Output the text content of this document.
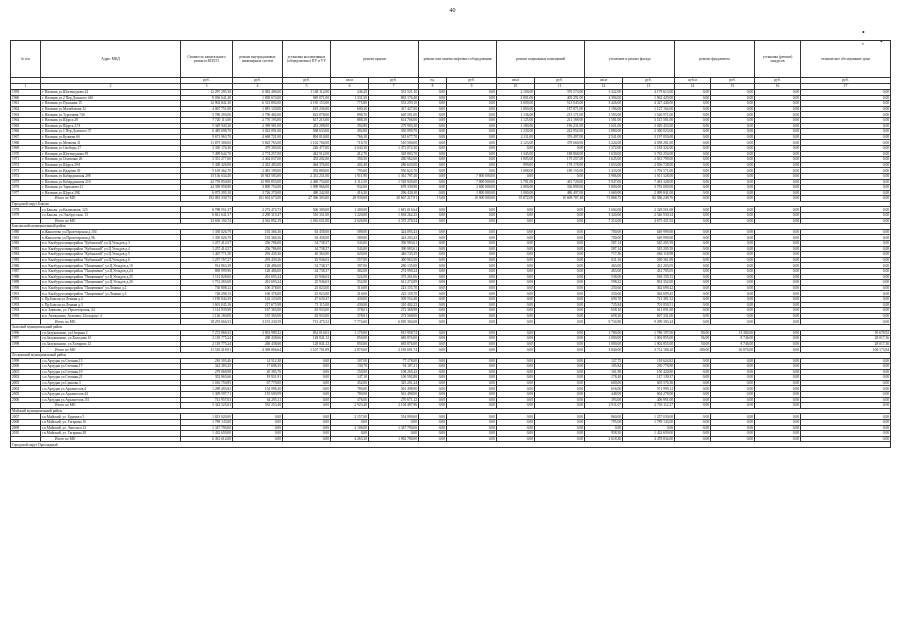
40
• ,•
№ п/п	Адрес МКД	Стоимость капитального ремонта ВСЕГО	ремонт внутридомовых инженерных систем	установка коллективных (общедомовых) ПУ и УУ	ремонт крыши		ремонт или замена лифтового оборудования		ремонт подвальных помещений		утепление и ремонт фасада		ремонт фундамента		установка (ремонт) пандусов	техническое обследование дома
		руб.	руб.	руб.	кв.м	руб.	ед.	руб.	кв.м	руб.	кв.м	руб.	куб.м	руб.	руб.	руб.
1	2	3	4	5	6	7	8	9	10	11	12	13	14	15	16	17
1959	г. Нальчик ул.Шогенцукова 24	12 297 295,30	6 083 406,00	1 148 112,00	246,20	531 521,10	0,00	0,00	2 100,00	376 573,00	3 322,00	4 179 613,00	0,00	0,00	0,00	0,00
1960	г. Нальчик ул.2 Пер.Донского 44б	8 036 641,40	1 838 674,00	949 071,00	1 331,30	863 176,40	0,00	0,00	2 001,00	405 291,00	2 394,00	1 962 429,00	0,00	0,00	0,00	0,00
1961	г. Нальчик ул.Пушкина 15	12 902 841,30	6 313 894,00	2 195 153,00	775,80	553 259,10	0,00	0,00	3 000,00	513 045,00	3 426,00	4 327 440,00	0,00	0,00	0,00	0,00
1962	г. Нальчик ул.Мальбахова 12	4 067 751,00	1 881 120,00	619 236,00	600,20	417 427,00	0,00	0,00	1 000,00	187 871,00	1 196,00	1 127 164,00	0,00	0,00	0,00	0,00
1963	г. Нальчик ул.Тургенева 74б	5 780 293,00	2 796 482,00	623 078,00	896,70	620 591,00	0,00	0,00	1 136,00	213 171,00	1 593,00	1 526 971,00	0,00	0,00	0,00	0,00
1964	г. Нальчик ул.Щорса 28	7 720 113,00	2 770 193,00	617 215,00	888,30	614 766,00	0,00	0,00	1 125,00	211 169,00	1 581,00	3 515 581,00	0,00	0,00	0,00	0,00
1965	г. Нальчик ул.Щорса 27А	5 349 943,30	2 399 981,00	453 298,00	392,80	279 903,30	0,00	0,00	1 180,00	196 231,00	1 621,00	2 020 453,00	0,00	0,00	0,00	0,00
1966	г. Нальчик ул.1 Пер.Донского 37	6 485 698,70	3 023 091,00	568 633,00	492,80	350 999,70	0,00	0,00	1 230,00	222 952,00	1 880,00	2 360 023,00	0,00	0,00	0,00	0,00
1967	г. Нальчик ул.Кулиева 6б	9 671 963,70	4 668 721,00	894 010,00	766,10	545 677,70	0,00	0,00	2 111,00	376 497,00	2 541,00	3 197 050,00	0,00	0,00	0,00	0,00
1968	г. Нальчик ул.Мечиева 31	11 875 306,00	5 825 763,00	1 102 704,00	716,70	510 500,00	0,00	0,00	2 123,00	378 660,00	3 224,00	4 058 281,00	0,00	0,00	0,00	0,00
1969	г. Нальчик ул.Свободы 17	3 350 176,30	479 305,00	226 477,00	2 043,30	1 471 072,30	0,00	0,00	0,00	0,00	1 372,00	1 183 322,00	0,00	0,00	0,00	0,00
1970	г. Нальчик ул.Шогенцукова 39	7 499 642,70	2 774 257,00	442 512,00	412,70	328 803,70	0,00	0,00	1 345,00	188 868,00	1 639,00	3 765 254,00	0,00	0,00	0,00	0,00
1971	г. Нальчик ул.Осипенко 26	3 351 277,60	2 404 037,00	455 202,00	394,50	280 962,60	0,00	0,00	1 005,00	179 257,00	1 625,00	2 031 799,00	0,00	0,00	0,00	0,00
1972	г. Нальчик ул.Щорса 29А	5 438 420,00	2 452 483,00	464 376,00	402,40	286 643,00	0,00	0,00	999,00	178 178,00	1 653,00	2 056 728,00	0,00	0,00	0,00	0,00
1973	г. Нальчик ул.Идарова 39	5 165 362,70	2 481 199,00	392 890,00	795,60	550 623,70	0,00	0,00	1 008,00	189 155,00	1 433,00	1 792 571,00	0,00	0,00	0,00	0,00
1974	г. Нальчик ул.Кабардинская 208	15 136 634,40	10 945 583,00	2 431 231,00	1 911,90	1 361 797,40	0,00	7 800 000,00	0,00	0,00	3 986,00	1 011 328,00	0,00	0,00	0,00	0,00
1975	г. Нальчик ул.Кабардинская 210	22 759 850,00	12 993 853,00	2 460 754,00	2 112,50	1 518 945,00	0,00	7 800 000,00	3 781,00	461 720,00	5 947,00	7 481 328,00	0,00	0,00	0,00	0,00
1976	г. Нальчик ул.Тарчокова 21	24 358 958,90	3 809 754,00	1 098 966,00	932,00	678 339,90	0,00	2 600 000,00	2 000,00	336 899,00	3 000,00	3 781 000,00	0,00	0,00	0,00	0,00
1977	г. Нальчик ул.Щорса 29Б	6 073 295,10	3 726 270,00	480 242,00	416,20	296 430,10	0,00	1 800 000,00	1 000,00	486 497,00	1 669,00	2 099 841,00	0,00	0,00	0,00	0,00
	Итого по МО	192 081 330,75	101 602 673,00	27 366 303,00	29 939,60	20 667 217,91	15,00	10 000 000,00	35 872,00	10 608 787,48	73 868,75	82 586 249,76	0,00	0,00	0,00	0,00
Городской округ Баксан																
1978	г.о.Баксан, ул.Калмыкова, 123	6 788 551,37	2 272 472,73	506 300,00	1 400,00	1 681 016,64	0,00	0,00	0,00	0,00	3 604,00	2 328 561,68	0,00	0,00	0,00	0,00
1979	г.о.Баксан, ул.Эльбрусская, 13	6 841 641,37	2 290 319,47	510 331,00	1 220,00	1 694 262,25	0,00	0,00	0,00	0,00	3 320,00	2 346 930,34	0,00	0,00	0,00	0,00
	Итого по МО	13 630 192,74	4 562 892,19	1 016 631,00	2 620,00	3 375 278,34	0,00	0,00	0,00	0,00	7 214,00	4 675 431,92	0,00	0,00	0,00	0,00
Баксанский муниципальный район																
1980	в.Жанхотеко ул.Пролетарская д.104	1 350 026,79	192 366,36	63 458,00	589,00	424 093,43	0,00	0,00	0,00	0,00	700,00	649 999,00	0,00	0,00	0,00	0,00
1981	в.Жанхотеко ул.Пролетарская д.96	1 350 026,79	192 366,36	63 458,00	589,00	424 203,43	0,00	0,00	0,00	0,00	700,00	649 999,00	0,00	0,00	0,00	0,00
1982	в.п. Кызбурун микрорайон "Кубанский" ул.Ц.Уельдов д.3	1 257 414,57	256 786,00	34 738,37	543,00	390 983,61	0,00	0,00	0,00	0,00	587,14	545 205,59	0,00	0,00	0,00	0,00
1983	в.п. Кызбурун микрорайон "Кубанский" ул.Ц.Уельдов д.4	1 257 414,57	256 786,00	34 738,37	543,00	390 983,61	0,00	0,00	0,00	0,00	587,14	545 205,59	0,00	0,00	0,00	0,00
1984	в.п. Кызбурун микрорайон "Кубанский" ул.Ц.Уельдов д.5	1 467 771,50	293 439,26	40 363,00	620,00	446 743,35	0,00	0,00	0,00	0,00	717,36	666 118,98	0,00	0,00	0,00	0,00
1985	в.п. Кызбурун микрорайон "Кубанский" ул.Ц.Уельдов д.6	1 257 767,27	293 439,26	25 946,63	557,00	400 963,50	0,00	0,00	0,00	0,00	631,16	569 361,89	0,00	0,00	0,00	0,00
1986	в.п. Кызбурун микрорайон "Пищевиков" ул.Ц.Уельдов д.10	914 863,39	128 486,00	34 738,37	397,00	286 135,00	0,00	0,00	0,00	0,00	463,00	431 203,05	0,00	0,00	0,00	0,00
1987	в.п. Кызбурун микрорайон "Пищевиков" ул.Ц.Уельдов д.24	869 999,96	128 486,00	34 738,37	382,00	274 990,24	0,00	0,00	0,00	0,00	463,00	431 785,05	0,00	0,00	0,00	0,00
1988	в.п. Кызбурун микрорайон "Пищевиков" ул.Ц.Уельдов д.25	1 114 828,60	261 693,24	25 946,63	522,00	375 261,66	0,00	0,00	0,00	0,00	538,00	536 159,15	0,00	0,00	0,00	0,00
1989	в.п. Кызбурун микрорайон "Пищевиков" ул.Ц.Уельдов д.26	1 731 265,69	261 693,24	25 946,63	552,00	611 274,89	0,00	0,00	0,00	0,00	598,22	832 352,00	0,00	0,00	0,00	0,00
1990	в.п. Кызбурун микрорайон "Пищевиков" ул.Ленина д.2	730 808,12	106 378,00	25 823,00	310,00	223 155,70	0,00	0,00	0,00	0,00	250,60	362 699,42	0,00	0,00	0,00	0,00
1991	в.п. Кызбурун микрорайон "Пищевиков" ул.Ленина д.3	728 298,15	106 378,00	25 823,00	310,00	223 159,70	0,00	0,00	0,00	0,00	250,60	362 699,45	0,00	0,00	0,00	0,00
1992	г. Пр.Баксан ул.Ленина д.2	1 190 044,39	162 123,00	47 630,47	430,00	309 554,40	0,00	0,00	0,00	0,00	690,70	721 381,52	0,00	0,00	0,00	0,00
1993	г. Пр.Баксан ул.Ленина д.3	1 601 045,16	217 675,98	71 115,00	430,00	310 402,23	0,00	0,00	0,00	0,00	725,84	701 850,51	0,00	0,00	0,00	0,00
1994	в.п. Заюково, ул. Пролетарская, 24	1 114 939,98	167 365,00	63 933,00	378,01	272 368,98	0,00	0,00	0,00	0,00	658,10	611 091,00	0,00	0,00	0,00	0,00
1995	в.п. Атажукино, Агашева, 32а корпус 4	1 126 160,00	167 365,00	63 933,00	378,01	272 568,00	0,00	0,00	0,00	0,00	658,10	607 331,00	0,00	0,00	0,00	0,00
	Итого по МО	18 255 666,53	3 191 230,59	713 475,52	7 774,60	6 695 304,68	0,00	0,00	0,00	0,00	9 734,80	9 299 393,24	0,00	0,00	0,00	0,00
Зольский муниципальный район																
1996	г.п.Залукокоаже, ул.Озерная 2	7 272 868,43	3 833 989,32	854 010,63	1 170,00	815 958,74	0,00	0,00	0,00	0,00	1 780,00	1 786 197,00	80,00	13 384,00	0,00	50 678,92
1997	г.п.Залукокоаже, ул.Холодова 10	2 118 775,24	268 438,66	128 841,12	850,00	683 876,00	0,00	0,00	0,00	0,00	1 000,00	1 002 855,00	56,00	8 746,00	0,00	28 017,36
1998	г.п.Залукокоаже, ул.Хатарова 12	2 118 775,24	268 438,66	128 841,12	850,00	683 876,00	0,00	0,00	0,00	0,00	1 000,00	1 002 855,00	50,00	8 746,00	0,00	28 017,36
	Итого по МО	11 510 418,91	4 369 866,64	1 107 701,89	2 870,00	2 183 691,74	0,00	0,00	0,00	0,00	3 840,00	3 712 108,20	180,00	30 876,00	0,00	106 173,84
Лескенский муниципальный район																
1999	с.п.Аргудан ул.Степная,15	210 303,46	14 512,38	0,00	107,00	77 178,00	0,00	0,00	0,00	0,00	127,75	118 624,82	0,00	0,00	0,00	0,00
2000	с.п.Аргудан ул.Степная,17	342 383,35	17 696,35	0,00	130,70	94 187,21	0,00	0,00	0,00	0,00	185,84	230 778,80	0,00	0,00	0,00	0,00
2001	с.п.Аргудан ул.Степная,19	279 069,98	20 383,76	0,00	150,00	108 265,42	0,00	0,00	0,00	0,00	161,98	150 420,80	0,00	0,00	0,00	0,00
2002	с.п.Аргудан ул.Степная,21	352 965,66	19 931,91	0,00	147,10	106 592,88	0,00	0,00	0,00	0,00	178,40	147 139,37	0,00	0,00	0,00	0,00
2003	с.п.Аргудан ул.Сункова,3	1 016 750,85	67 779,00	0,00	452,00	325 201,24	0,00	0,00	0,00	0,00	600,00	603 570,36	0,00	0,00	0,00	0,00
2004	с.п.Аргудан ул.Архангелов,4	1 289 493,82	154 996,30	0,00	780,00	561 498,90	0,00	0,00	0,00	0,00	616,00	571 999,12	0,00	0,00	0,00	0,00
2005	с.п.Аргудан ул.Архангелов,44	1 309 597,71	155 609,99	0,00	780,00	561 498,00	0,00	0,00	0,00	0,00	448,00	604 278,00	0,00	0,00	0,00	0,00
2006	с.п.Аргудан ул.Архангелов,151	741 957,03	64 295,11	0,00	376,00	270 671,12	0,00	0,00	0,00	0,00	393,00	406 991,00	0,00	0,00	0,00	0,00
	Итого по МО	5 342 323,63	535 253,40	0,00	2 923,40	2 104 487,96	0,00	0,00	0,00	0,00	2 911,07	2 703 112,27	0,00	0,00	0,00	0,00
Майский муниципальный район																
2007	г.п.Майский, ул. Буденого 5	1 813 020,00	0,00	0,00	2 157,00	554 990,00	0,00	0,00	0,00	0,00	860,00	1 257 030,00	0,00	0,00	0,00	0,00
2008	г.п.Майский, ул. Гагарина 16	1 789 143,00	0,00	0,00	0,00	0,00	0,00	0,00	0,00	0,00	795,00	1 789 143,00	0,00	0,00	0,00	0,00
2009	г.п.Майский, ул. Энгельса 12	1 347 790,00	0,00	0,00	2 106,00	1 347 790,00	0,00	0,00	0,00	0,00	0,00	0,00	0,00	0,00	0,00	0,00
2010	г.п.Майский, ул. Гагарина 28	1 432 659,00	0,00	0,00	0,00	0,00	0,00	0,00	0,00	0,00	958,30	1 432 659,00	0,00	0,00	0,00	0,00
	Итого по МО	6 381 614,00	0,00	0,00	4 263,30	1 902 780,00	0,00	0,00	0,00	0,00	2 618,30	4 478 834,00	0,00	0,00	0,00	0,00
Городской округ Прохладный																
